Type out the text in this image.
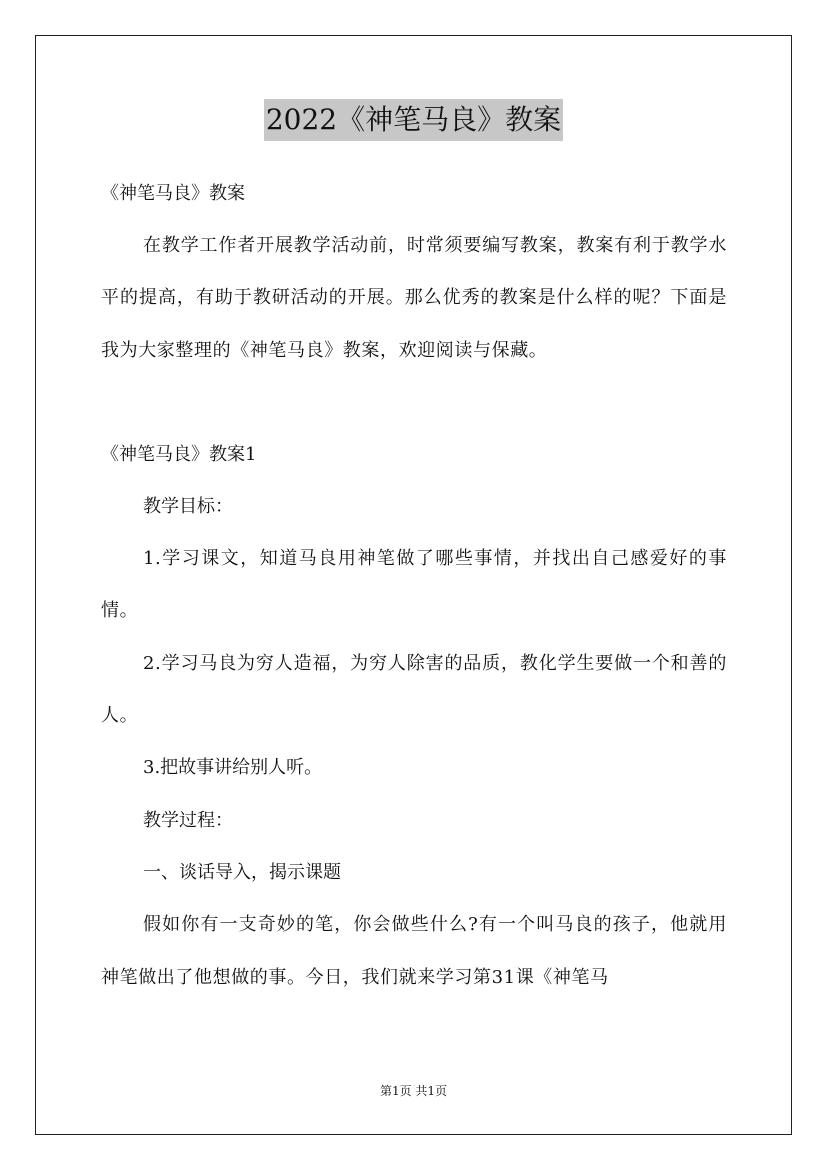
2022《神笔马良》教案

《神笔马良》教案

在教学工作者开展教学活动前，时常须要编写教案，教案有利于教学水平的提高，有助于教研活动的开展。那么优秀的教案是什么样的呢？下面是我为大家整理的《神笔马良》教案，欢迎阅读与保藏。

《神笔马良》教案1

教学目标：

1.学习课文，知道马良用神笔做了哪些事情，并找出自己感爱好的事情。

2.学习马良为穷人造福，为穷人除害的品质，教化学生要做一个和善的人。

3.把故事讲给别人听。

教学过程：

一、谈话导入，揭示课题

假如你有一支奇妙的笔，你会做些什么?有一个叫马良的孩子，他就用神笔做出了他想做的事。今日，我们就来学习第31课《神笔马

第1页 共1页
